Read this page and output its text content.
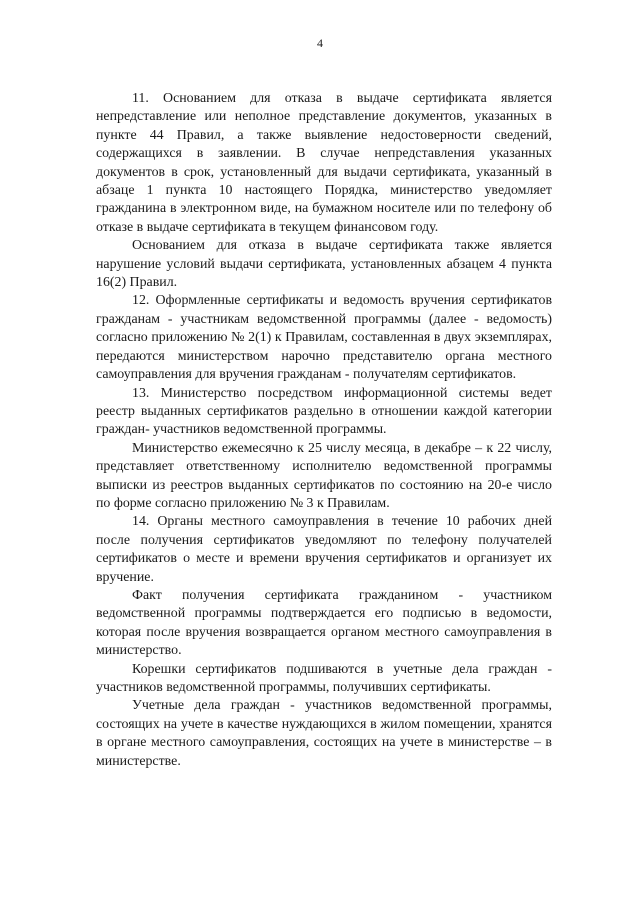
4

11. Основанием для отказа в выдаче сертификата является непредставление или неполное представление документов, указанных в пункте 44 Правил, а также выявление недостоверности сведений, содержащихся в заявлении. В случае непредставления указанных документов в срок, установленный для выдачи сертификата, указанный в абзаце 1 пункта 10 настоящего Порядка, министерство уведомляет гражданина в электронном виде, на бумажном носителе или по телефону об отказе в выдаче сертификата в текущем финансовом году.

Основанием для отказа в выдаче сертификата также является нарушение условий выдачи сертификата, установленных абзацем 4 пункта 16(2) Правил.

12. Оформленные сертификаты и ведомость вручения сертификатов гражданам - участникам ведомственной программы (далее - ведомость) согласно приложению № 2(1) к Правилам, составленная в двух экземплярах, передаются министерством нарочно представителю органа местного самоуправления для вручения гражданам - получателям сертификатов.

13. Министерство посредством информационной системы ведет реестр выданных сертификатов раздельно в отношении каждой категории граждан- участников ведомственной программы.

Министерство ежемесячно к 25 числу месяца, в декабре – к 22 числу, представляет ответственному исполнителю ведомственной программы выписки из реестров выданных сертификатов по состоянию на 20-е число по форме согласно приложению № 3 к Правилам.

14. Органы местного самоуправления в течение 10 рабочих дней после получения сертификатов уведомляют по телефону получателей сертификатов о месте и времени вручения сертификатов и организует их вручение.

Факт получения сертификата гражданином - участником ведомственной программы подтверждается его подписью в ведомости, которая после вручения возвращается органом местного самоуправления в министерство.

Корешки сертификатов подшиваются в учетные дела граждан - участников ведомственной программы, получивших сертификаты.

Учетные дела граждан - участников ведомственной программы, состоящих на учете в качестве нуждающихся в жилом помещении, хранятся в органе местного самоуправления, состоящих на учете в министерстве – в министерстве.
